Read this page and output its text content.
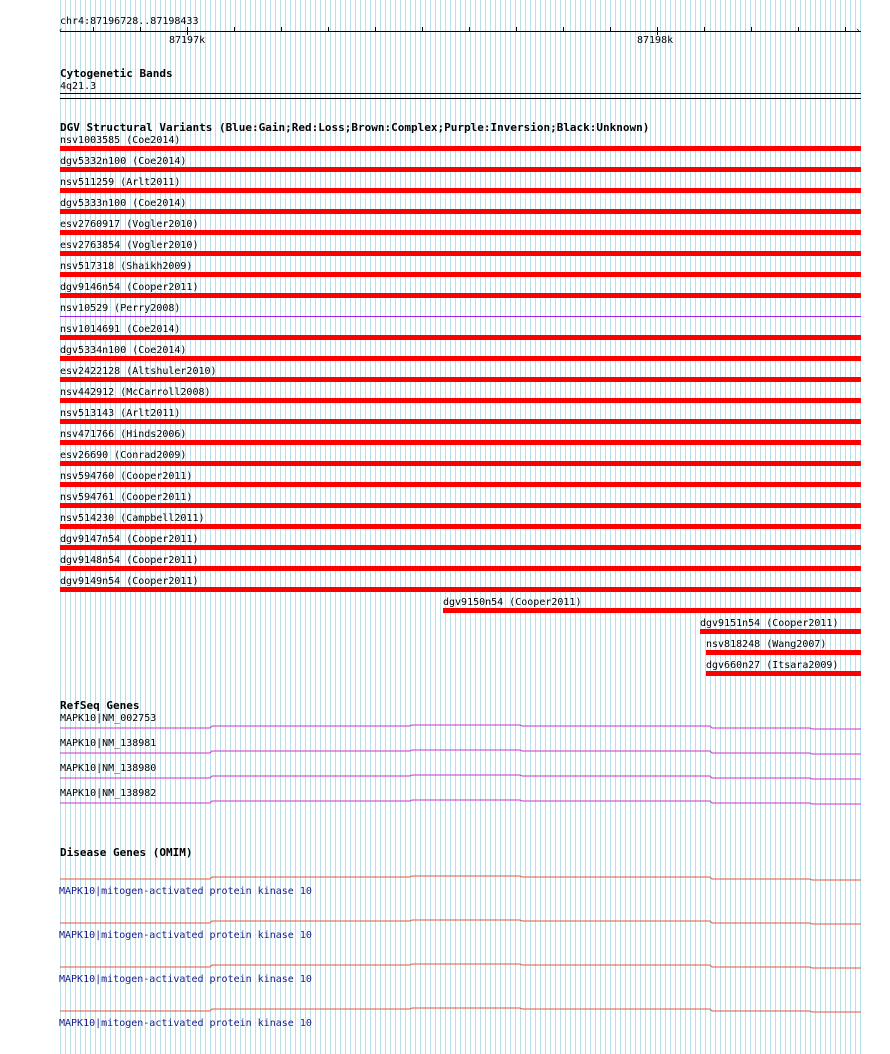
chr4:87196728..87198433
‹	›
87197k	87198k
Cytogenetic Bands
4q21.3
DGV Structural Variants (Blue:Gain;Red:Loss;Brown:Complex;Purple:Inversion;Black:Unknown)
nsv1003585 (Coe2014)
dgv5332n100 (Coe2014)
nsv511259 (Arlt2011)
dgv5333n100 (Coe2014)
esv2760917 (Vogler2010)
esv2763854 (Vogler2010)
nsv517318 (Shaikh2009)
dgv9146n54 (Cooper2011)
nsv10529 (Perry2008)
nsv1014691 (Coe2014)
dgv5334n100 (Coe2014)
esv2422128 (Altshuler2010)
nsv442912 (McCarroll2008)
nsv513143 (Arlt2011)
nsv471766 (Hinds2006)
esv26690 (Conrad2009)
nsv594760 (Cooper2011)
nsv594761 (Cooper2011)
nsv514230 (Campbell2011)
dgv9147n54 (Cooper2011)
dgv9148n54 (Cooper2011)
dgv9149n54 (Cooper2011)
dgv9150n54 (Cooper2011)
dgv9151n54 (Cooper2011)
nsv818248 (Wang2007)
dgv660n27 (Itsara2009)
RefSeq Genes
MAPK10|NM_002753
MAPK10|NM_138981
MAPK10|NM_138980
MAPK10|NM_138982
Disease Genes (OMIM)
MAPK10|mitogen-activated protein kinase 10
MAPK10|mitogen-activated protein kinase 10
MAPK10|mitogen-activated protein kinase 10
MAPK10|mitogen-activated protein kinase 10
